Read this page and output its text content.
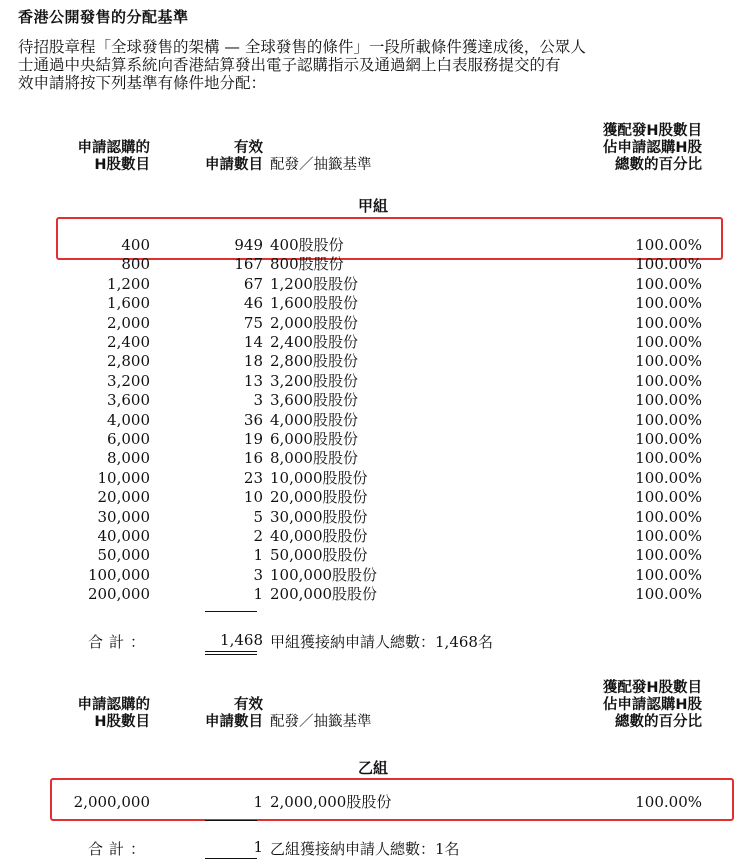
香港公開發售的分配基準
待招股章程「全球發售的架構 — 全球發售的條件」一段所載條件獲達成後，公眾人
士通過中央結算系統向香港結算發出電子認購指示及通過網上白表服務提交的有
效申請將按下列基準有條件地分配：
申請認購的
H股數目
有效
申請數目 配發／抽籤基準
獲配發H股數目
佔申請認購H股
總數的百分比
甲組
400	949 400股股份	100.00%
800	167 800股股份	100.00%
1,200	67 1,200股股份	100.00%
1,600	46 1,600股股份	100.00%
2,000	75 2,000股股份	100.00%
2,400	14 2,400股股份	100.00%
2,800	18 2,800股股份	100.00%
3,200	13 3,200股股份	100.00%
3,600	3 3,600股股份	100.00%
4,000	36 4,000股股份	100.00%
6,000	19 6,000股股份	100.00%
8,000	16 8,000股股份	100.00%
10,000	23 10,000股股份	100.00%
20,000	10 20,000股股份	100.00%
30,000	5 30,000股股份	100.00%
40,000	2 40,000股股份	100.00%
50,000	1 50,000股股份	100.00%
100,000	3 100,000股股份	100.00%
200,000	1 200,000股股份	100.00%
合計：	1,468 甲組獲接納申請人總數：1,468名
申請認購的
H股數目
有效
申請數目 配發／抽籤基準
獲配發H股數目
佔申請認購H股
總數的百分比
乙組
2,000,000	1 2,000,000股股份	100.00%
合計：	1 乙組獲接納申請人總數：1名
